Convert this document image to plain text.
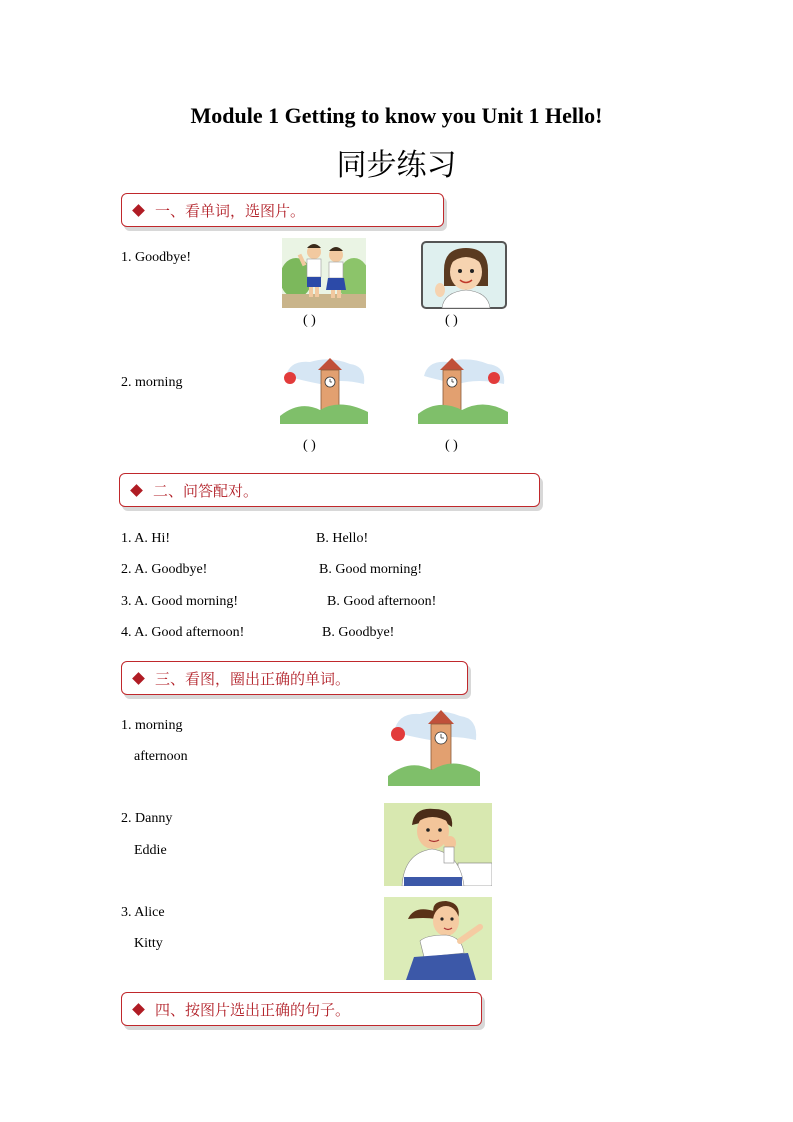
Module 1 Getting to know you Unit 1 Hello!
同步练习
一、看单词，选图片。
1. Goodbye!
( )	( )
2. morning
( )	( )
二、问答配对。
1. A. Hi!	B. Hello!
2. A. Goodbye!	B. Good morning!
3. A. Good morning!	B. Good afternoon!
4. A. Good afternoon!	B. Goodbye!
三、看图，圈出正确的单词。
1. morning
afternoon
2. Danny
Eddie
3. Alice
Kitty
四、按图片选出正确的句子。
